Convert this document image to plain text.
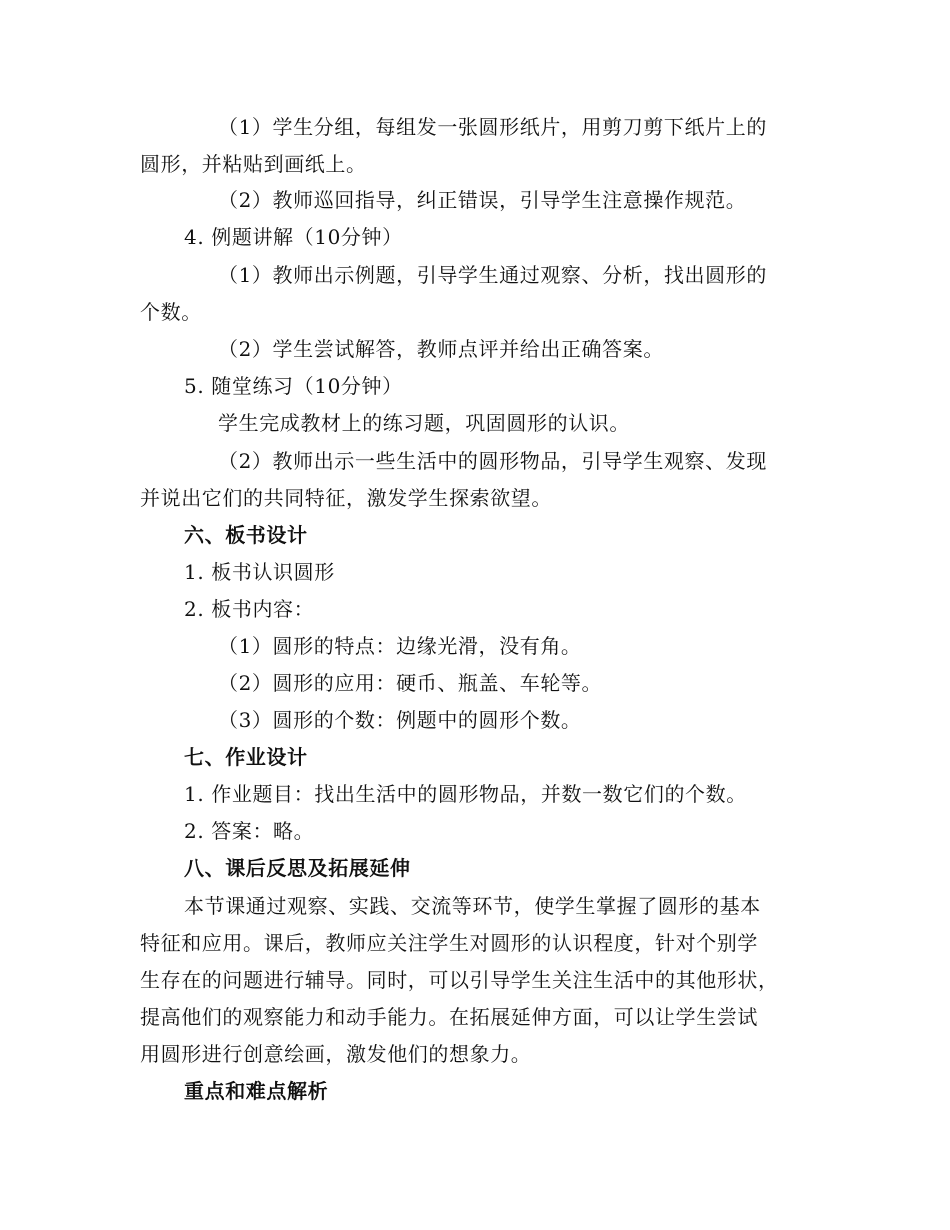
（1）学生分组，每组发一张圆形纸片，用剪刀剪下纸片上的
圆形，并粘贴到画纸上。
（2）教师巡回指导，纠正错误，引导学生注意操作规范。
4. 例题讲解（10分钟）
（1）教师出示例题，引导学生通过观察、分析，找出圆形的
个数。
（2）学生尝试解答，教师点评并给出正确答案。
5. 随堂练习（10分钟）
学生完成教材上的练习题，巩固圆形的认识。
（2）教师出示一些生活中的圆形物品，引导学生观察、发现
并说出它们的共同特征，激发学生探索欲望。
六、板书设计
1. 板书认识圆形
2. 板书内容：
（1）圆形的特点：边缘光滑，没有角。
（2）圆形的应用：硬币、瓶盖、车轮等。
（3）圆形的个数：例题中的圆形个数。
七、作业设计
1. 作业题目：找出生活中的圆形物品，并数一数它们的个数。
2. 答案：略。
八、课后反思及拓展延伸
本节课通过观察、实践、交流等环节，使学生掌握了圆形的基本
特征和应用。课后，教师应关注学生对圆形的认识程度，针对个别学
生存在的问题进行辅导。同时，可以引导学生关注生活中的其他形状，
提高他们的观察能力和动手能力。在拓展延伸方面，可以让学生尝试
用圆形进行创意绘画，激发他们的想象力。
重点和难点解析
